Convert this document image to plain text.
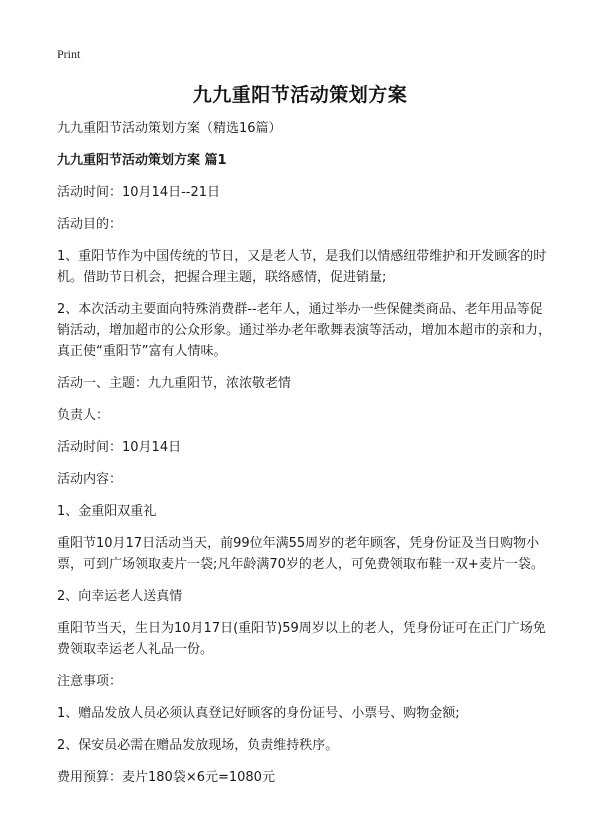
Print
九九重阳节活动策划方案
九九重阳节活动策划方案（精选16篇）
九九重阳节活动策划方案 篇1
活动时间：10月14日--21日
活动目的：
1、重阳节作为中国传统的节日，又是老人节，是我们以情感纽带维护和开发顾客的时机。借助节日机会，把握合理主题，联络感情，促进销量;
2、本次活动主要面向特殊消费群--老年人，通过举办一些保健类商品、老年用品等促销活动，增加超市的公众形象。通过举办老年歌舞表演等活动，增加本超市的亲和力，真正使“重阳节”富有人情味。
活动一、主题：九九重阳节，浓浓敬老情
负责人：
活动时间：10月14日
活动内容：
1、金重阳双重礼
重阳节10月17日活动当天，前99位年满55周岁的老年顾客，凭身份证及当日购物小票，可到广场领取麦片一袋;凡年龄满70岁的老人，可免费领取布鞋一双+麦片一袋。
2、向幸运老人送真情
重阳节当天，生日为10月17日(重阳节)59周岁以上的老人，凭身份证可在正门广场免费领取幸运老人礼品一份。
注意事项：
1、赠品发放人员必须认真登记好顾客的身份证号、小票号、购物金额;
2、保安员必需在赠品发放现场，负责维持秩序。
费用预算：麦片180袋×6元=1080元
